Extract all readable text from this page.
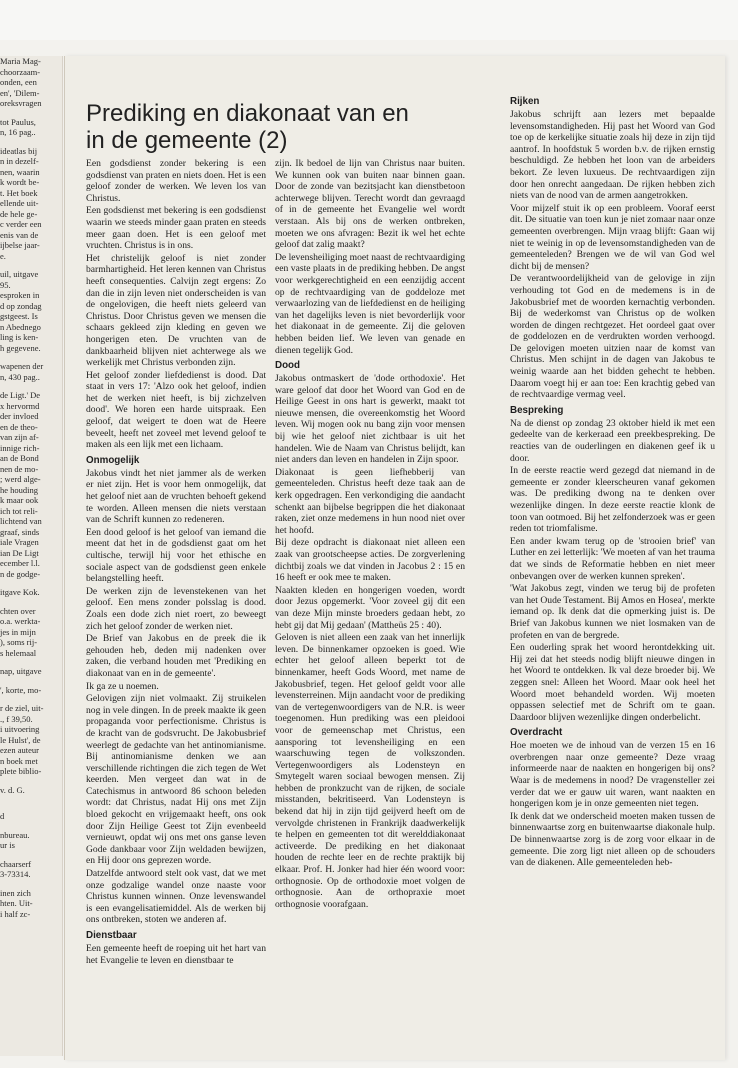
Maria Mag-
choorzaam-
onden, een
en', 'Dilem-
oreksvragen
tot Paulus,
n, 16 pag..
ideatlas bij
n in dezelf-
nen, waarin
k wordt be-
t. Het boek
ellende uit-
de hele ge-
c verder een
enis van de
ijbelse jaar-
e.
uil, uitgave
95.
esproken in
d op zondag
gstgeest. Is
n Abednego
ling is ken-
h gegevene.
wapenen der
n, 430 pag..
de Ligt.' De
x hervormd
der invloed
en de theo-
van zijn af-
innige rich-
an de Bond
nen de mo-
; werd alge-
he houding
k maar ook
ich tot reli-
lichtend van
graaf, sinds
iale Vragen
ian De Ligt
ecember l.l.
n de godge-
itgave Kok.
chten over
o.a. werkta-
jes in mijn
), soms rij-
s helemaal
nap, uitgave
', korte, mo-
r de ziel, uit-
., f 39,50.
i uitvoering
le Hulst', de
ezen auteur
n boek met
plete biblio-
v. d. G.
d
nbureau.
ur is
chaarserf
3-73314.
inen zich
hten. Uit-
i half zc-
Prediking en diakonaat van en in de gemeente (2)

Een godsdienst zonder bekering is een godsdienst van praten en niets doen. Het is een geloof zonder de werken. We leven los van Christus.

Een godsdienst met bekering is een godsdienst waarin we steeds minder gaan praten en steeds meer gaan doen. Het is een geloof met vruchten. Christus is in ons.

Het christelijk geloof is niet zonder barmhartigheid. Het leren kennen van Christus heeft consequenties. Calvijn zegt ergens: Zo dan die in zijn leven niet onderscheiden is van de ongelovigen, die heeft niets geleerd van Christus. Door Christus geven we mensen die schaars gekleed zijn kleding en geven we hongerigen eten. De vruchten van de dankbaarheid blijven niet achterwege als we werkelijk met Christus verbonden zijn.

Het geloof zonder liefdedienst is dood. Dat staat in vers 17: 'Alzo ook het geloof, indien het de werken niet heeft, is bij zichzelven dood'. We horen een harde uitspraak. Een geloof, dat weigert te doen wat de Heere beveelt, heeft net zoveel met levend geloof te maken als een lijk met een lichaam.

Onmogelijk

Jakobus vindt het niet jammer als de werken er niet zijn. Het is voor hem onmogelijk, dat het geloof niet aan de vruchten behoeft gekend te worden. Alleen mensen die niets verstaan van de Schrift kunnen zo redeneren.

Een dood geloof is het geloof van iemand die meent dat het in de godsdienst gaat om het cultische, terwijl hij voor het ethische en sociale aspect van de godsdienst geen enkele belangstelling heeft.

De werken zijn de levenstekenen van het geloof. Een mens zonder polsslag is dood. Zoals een dode zich niet roert, zo beweegt zich het geloof zonder de werken niet.

De Brief van Jakobus en de preek die ik gehouden heb, deden mij nadenken over zaken, die verband houden met 'Prediking en diakonaat van en in de gemeente'.

Ik ga ze u noemen.

Gelovigen zijn niet volmaakt. Zij struikelen nog in vele dingen. In de preek maakte ik geen propaganda voor perfectionisme. Christus is de kracht van de godsvrucht. De Jakobusbrief weerlegt de gedachte van het antinomianisme. Bij antinomianisme denken we aan verschillende richtingen die zich tegen de Wet keerden. Men vergeet dan wat in de Catechismus in antwoord 86 schoon beleden wordt: dat Christus, nadat Hij ons met Zijn bloed gekocht en vrijgemaakt heeft, ons ook door Zijn Heilige Geest tot Zijn evenbeeld vernieuwt, opdat wij ons met ons ganse leven Gode dankbaar voor Zijn weldaden bewijzen, en Hij door ons geprezen worde.

Datzelfde antwoord stelt ook vast, dat we met onze godzalige wandel onze naaste voor Christus kunnen winnen. Onze levenswandel is een evangelisatiemiddel. Als de werken bij ons ontbreken, stoten we anderen af.

Dienstbaar

Een gemeente heeft de roeping uit het hart van het Evangelie te leven en dienstbaar te

zijn. Ik bedoel de lijn van Christus naar buiten. We kunnen ook van buiten naar binnen gaan. Door de zonde van bezitsjacht kan dienstbetoon achterwege blijven. Terecht wordt dan gevraagd of in de gemeente het Evangelie wel wordt verstaan. Als bij ons de werken ontbreken, moeten we ons afvragen: Bezit ik wel het echte geloof dat zalig maakt?

De levensheiliging moet naast de rechtvaardiging een vaste plaats in de prediking hebben. De angst voor werkgerechtigheid en een eenzijdig accent op de rechtvaardiging van de goddeloze met verwaarlozing van de liefdedienst en de heiliging van het dagelijks leven is niet bevorderlijk voor het diakonaat in de gemeente. Zij die geloven hebben beiden lief. We leven van genade en dienen tegelijk God.

Dood

Jakobus ontmaskert de 'dode orthodoxie'. Het ware geloof dat door het Woord van God en de Heilige Geest in ons hart is gewerkt, maakt tot nieuwe mensen, die overeenkomstig het Woord leven. Wij mogen ook nu bang zijn voor mensen bij wie het geloof niet zichtbaar is uit het handelen. Wie de Naam van Christus belijdt, kan niet anders dan leven en handelen in Zijn spoor.

Diakonaat is geen liefhebberij van gemeenteleden. Christus heeft deze taak aan de kerk opgedragen. Een verkondiging die aandacht schenkt aan bijbelse begrippen die het diakonaat raken, ziet onze medemens in hun nood niet over het hoofd.

Bij deze opdracht is diakonaat niet alleen een zaak van grootscheepse acties. De zorgverlening dichtbij zoals we dat vinden in Jacobus 2 : 15 en 16 heeft er ook mee te maken.

Naakten kleden en hongerigen voeden, wordt door Jezus opgemerkt. 'Voor zoveel gij dit een van deze Mijn minste broeders gedaan hebt, zo hebt gij dat Mij gedaan' (Mattheüs 25 : 40).

Geloven is niet alleen een zaak van het innerlijk leven. De binnenkamer opzoeken is goed. Wie echter het geloof alleen beperkt tot de binnenkamer, heeft Gods Woord, met name de Jakobusbrief, tegen. Het geloof geldt voor alle levensterreinen. Mijn aandacht voor de prediking van de vertegenwoordigers van de N.R. is weer toegenomen. Hun prediking was een pleidooi voor de gemeenschap met Christus, een aansporing tot levensheiliging en een waarschuwing tegen de volkszonden. Vertegenwoordigers als Lodensteyn en Smytegelt waren sociaal bewogen mensen. Zij hebben de pronkzucht van de rijken, de sociale misstanden, bekritiseerd. Van Lodensteyn is bekend dat hij in zijn tijd geijverd heeft om de vervolgde christenen in Frankrijk daadwerkelijk te helpen en gemeenten tot dit werelddiakonaat activeerde. De prediking en het diakonaat houden de rechte leer en de rechte praktijk bij elkaar. Prof. H. Jonker had hier één woord voor: orthognosie. Op de orthodoxie moet volgen de orthognosie. Aan de orthopraxie moet orthognosie voorafgaan.

Rijken

Jakobus schrijft aan lezers met bepaalde levensomstandigheden. Hij past het Woord van God toe op de kerkelijke situatie zoals hij deze in zijn tijd aantrof. In hoofdstuk 5 worden b.v. de rijken ernstig beschuldigd. Ze hebben het loon van de arbeiders bekort. Ze leven luxueus. De rechtvaardigen zijn door hen onrecht aangedaan. De rijken hebben zich niets van de nood van de armen aangetrokken.

Voor mijzelf stuit ik op een probleem. Vooraf eerst dit. De situatie van toen kun je niet zomaar naar onze gemeenten overbrengen. Mijn vraag blijft: Gaan wij niet te weinig in op de levensomstandigheden van de gemeenteleden? Brengen we de wil van God wel dicht bij de mensen?

De verantwoordelijkheid van de gelovige in zijn verhouding tot God en de medemens is in de Jakobusbrief met de woorden kernachtig verbonden. Bij de wederkomst van Christus op de wolken worden de dingen rechtgezet. Het oordeel gaat over de goddelozen en de verdrukten worden verhoogd. De gelovigen moeten uitzien naar de komst van Christus. Men schijnt in de dagen van Jakobus te weinig waarde aan het bidden gehecht te hebben. Daarom voegt hij er aan toe: Een krachtig gebed van de rechtvaardige vermag veel.

Bespreking

Na de dienst op zondag 23 oktober hield ik met een gedeelte van de kerkeraad een preekbespreking. De reacties van de ouderlingen en diakenen geef ik u door.

In de eerste reactie werd gezegd dat niemand in de gemeente er zonder kleerscheuren vanaf gekomen was. De prediking dwong na te denken over wezenlijke dingen. In deze eerste reactie klonk de toon van ootmoed. Bij het zelfonderzoek was er geen reden tot triomfalisme.

Een ander kwam terug op de 'strooien brief' van Luther en zei letterlijk: 'We moeten af van het trauma dat we sinds de Reformatie hebben en niet meer onbevangen over de werken kunnen spreken'.

'Wat Jakobus zegt, vinden we terug bij de profeten van het Oude Testament. Bij Amos en Hosea', merkte iemand op. Ik denk dat die opmerking juist is. De Brief van Jakobus kunnen we niet losmaken van de profeten en van de bergrede.

Een ouderling sprak het woord herontdekking uit. Hij zei dat het steeds nodig blijft nieuwe dingen in het Woord te ontdekken. Ik val deze broeder bij. We zeggen snel: Alleen het Woord. Maar ook heel het Woord moet behandeld worden. Wij moeten oppassen selectief met de Schrift om te gaan. Daardoor blijven wezenlijke dingen onderbelicht.

Overdracht

Hoe moeten we de inhoud van de verzen 15 en 16 overbrengen naar onze gemeente? Deze vraag informeerde naar de naakten en hongerigen bij ons? Waar is de medemens in nood? De vragensteller zei verder dat we er gauw uit waren, want naakten en hongerigen kom je in onze gemeenten niet tegen.

Ik denk dat we onderscheid moeten maken tussen de binnenwaartse zorg en buitenwaartse diakonale hulp. De binnenwaartse zorg is de zorg voor elkaar in de gemeente. Die zorg ligt niet alleen op de schouders van de diakenen. Alle gemeenteleden heb-
